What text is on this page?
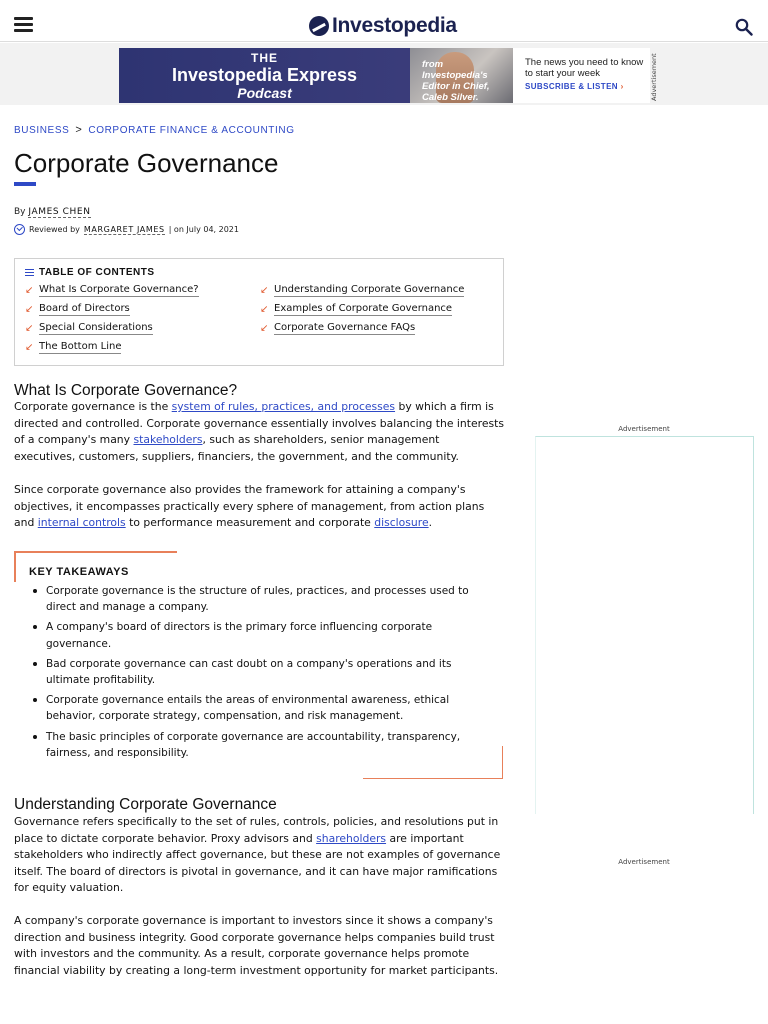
Investopedia
THE
Investopedia Express
Podcast
from Investopedia's Editor in Chief, Caleb Silver.
The news you need to know to start your week
SUBSCRIBE & LISTEN ›	Advertisement
BUSINESS > CORPORATE FINANCE & ACCOUNTING
Corporate Governance
By JAMES CHEN
Reviewed by MARGARET JAMES | on July 04, 2021
TABLE OF CONTENTS
↙ What Is Corporate Governance?	↙ Understanding Corporate Governance
↙ Board of Directors	↙ Examples of Corporate Governance
↙ Special Considerations	↙ Corporate Governance FAQs
↙ The Bottom Line
What Is Corporate Governance?

Corporate governance is the system of rules, practices, and processes by which a firm is directed and controlled. Corporate governance essentially involves balancing the interests of a company's many stakeholders, such as shareholders, senior management executives, customers, suppliers, financiers, the government, and the community.

Since corporate governance also provides the framework for attaining a company's objectives, it encompasses practically every sphere of management, from action plans and internal controls to performance measurement and corporate disclosure.

KEY TAKEAWAYS
Corporate governance is the structure of rules, practices, and processes used to direct and manage a company.
A company's board of directors is the primary force influencing corporate governance.
Bad corporate governance can cast doubt on a company's operations and its ultimate profitability.
Corporate governance entails the areas of environmental awareness, ethical behavior, corporate strategy, compensation, and risk management.
The basic principles of corporate governance are accountability, transparency, fairness, and responsibility.
Understanding Corporate Governance

Governance refers specifically to the set of rules, controls, policies, and resolutions put in place to dictate corporate behavior. Proxy advisors and shareholders are important stakeholders who indirectly affect governance, but these are not examples of governance itself. The board of directors is pivotal in governance, and it can have major ramifications for equity valuation.

A company's corporate governance is important to investors since it shows a company's direction and business integrity. Good corporate governance helps companies build trust with investors and the community. As a result, corporate governance helps promote financial viability by creating a long-term investment opportunity for market participants.

Advertisement
Advertisement
